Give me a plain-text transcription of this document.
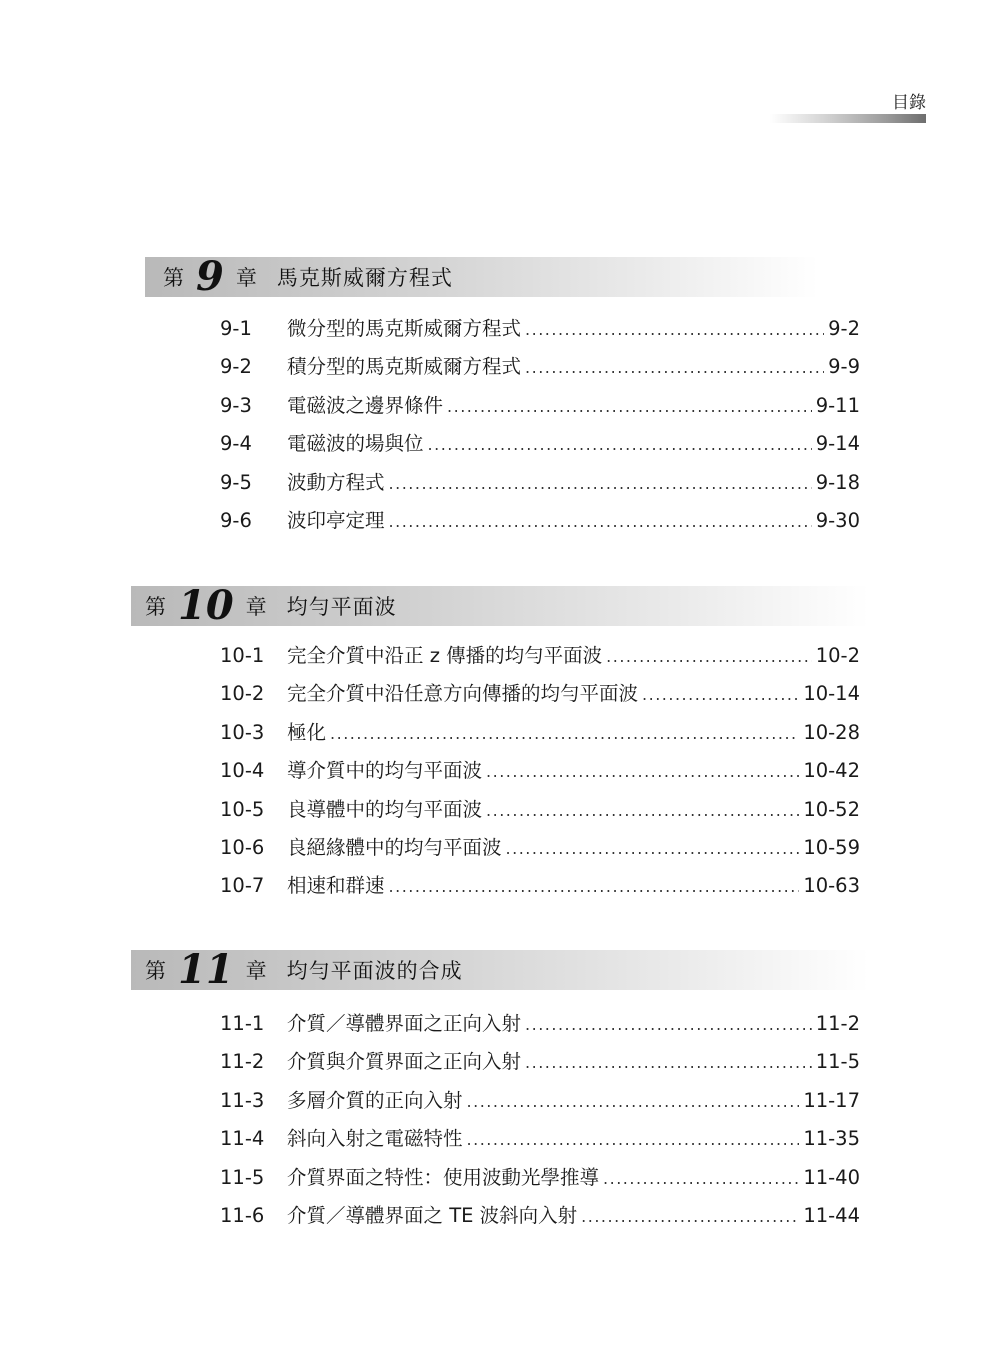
目錄
第 9 章 馬克斯威爾方程式
9-1	微分型的馬克斯威爾方程式 .....	9-2
9-2	積分型的馬克斯威爾方程式 .....	9-9
9-3	電磁波之邊界條件 .....	9-11
9-4	電磁波的場與位 .....	9-14
9-5	波動方程式 .....	9-18
9-6	波印亭定理 .....	9-30
第 10 章 均勻平面波
10-1	完全介質中沿正 z 傳播的均勻平面波 .....	10-2
10-2	完全介質中沿任意方向傳播的均勻平面波 .....	10-14
10-3	極化 .....	10-28
10-4	導介質中的均勻平面波 .....	10-42
10-5	良導體中的均勻平面波 .....	10-52
10-6	良絕緣體中的均勻平面波 .....	10-59
10-7	相速和群速 .....	10-63
第 11 章 均勻平面波的合成
11-1	介質／導體界面之正向入射 .....	11-2
11-2	介質與介質界面之正向入射 .....	11-5
11-3	多層介質的正向入射 .....	11-17
11-4	斜向入射之電磁特性 .....	11-35
11-5	介質界面之特性：使用波動光學推導 .....	11-40
11-6	介質／導體界面之 TE 波斜向入射 .....	11-44
